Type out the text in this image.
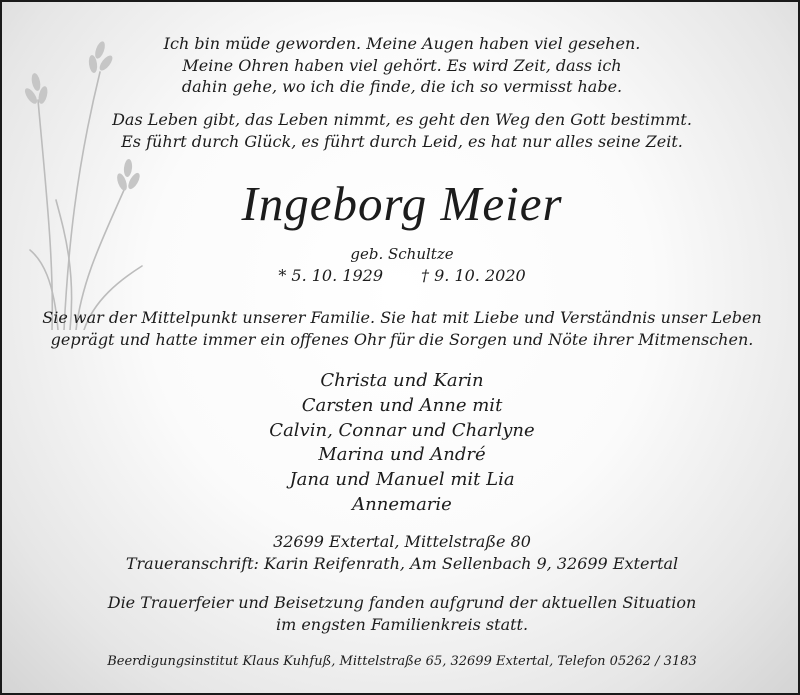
Ich bin müde geworden. Meine Augen haben viel gesehen.
Meine Ohren haben viel gehört. Es wird Zeit, dass ich
dahin gehe, wo ich die finde, die ich so vermisst habe.
Das Leben gibt, das Leben nimmt, es geht den Weg den Gott bestimmt.
Es führt durch Glück, es führt durch Leid, es hat nur alles seine Zeit.
Ingeborg Meier
geb. Schultze
* 5. 10. 1929 † 9. 10. 2020
Sie war der Mittelpunkt unserer Familie. Sie hat mit Liebe und Verständnis unser Leben
geprägt und hatte immer ein offenes Ohr für die Sorgen und Nöte ihrer Mitmenschen.
Christa und Karin
Carsten und Anne mit
Calvin, Connar und Charlyne
Marina und André
Jana und Manuel mit Lia
Annemarie
32699 Extertal, Mittelstraße 80
Traueranschrift: Karin Reifenrath, Am Sellenbach 9, 32699 Extertal
Die Trauerfeier und Beisetzung fanden aufgrund der aktuellen Situation
im engsten Familienkreis statt.
Beerdigungsinstitut Klaus Kuhfuß, Mittelstraße 65, 32699 Extertal, Telefon 05262 / 3183
